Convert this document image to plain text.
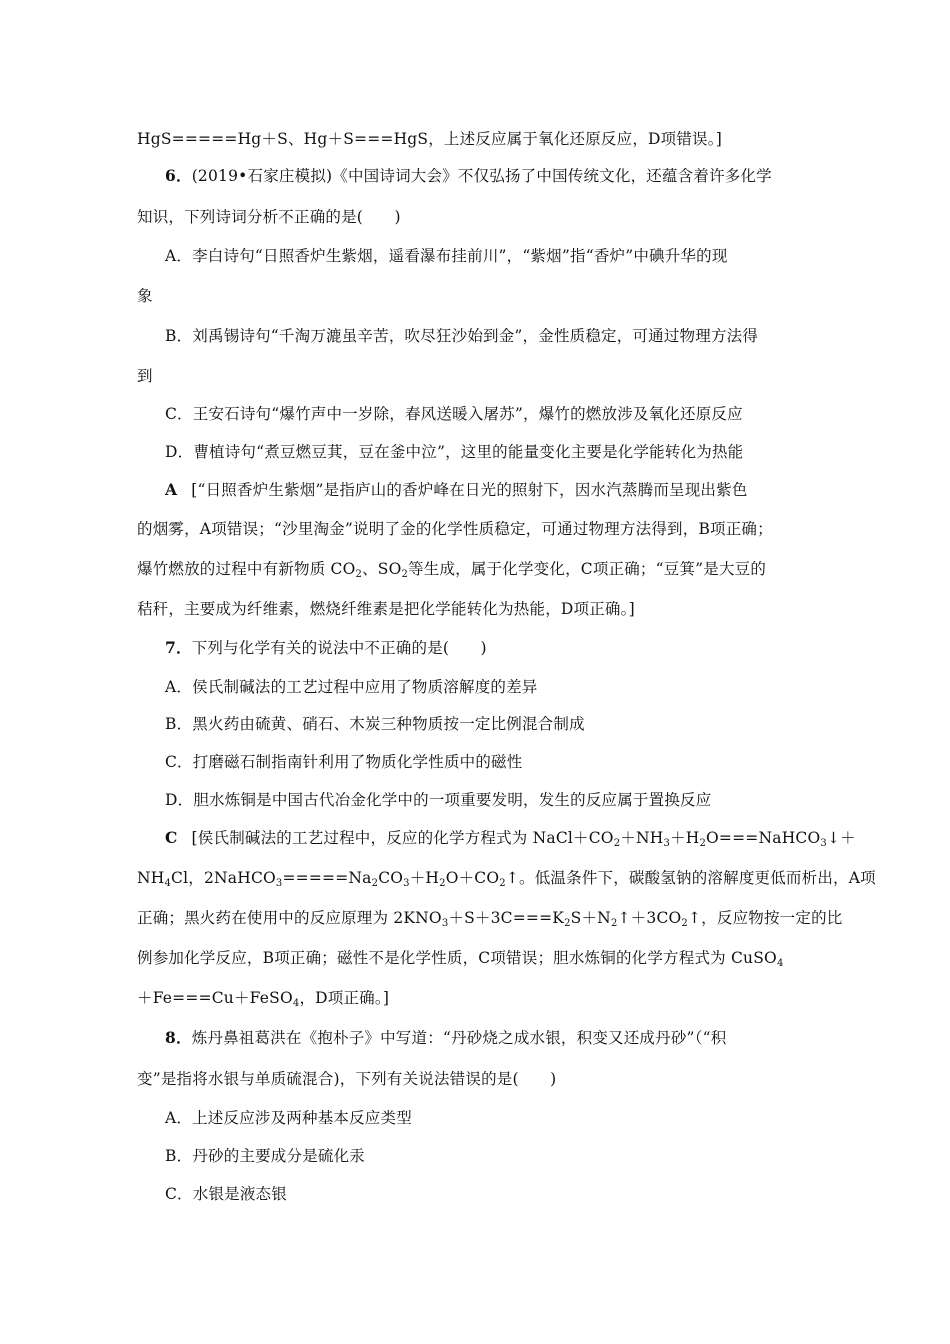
HgS=====Hg＋S、Hg＋S===HgS，上述反应属于氧化还原反应，D项错误。]
6．(2019•石家庄模拟)《中国诗词大会》不仅弘扬了中国传统文化，还蕴含着许多化学
知识，下列诗词分析不正确的是(　　)
A．李白诗句“日照香炉生紫烟，遥看瀑布挂前川”，“紫烟”指“香炉”中碘升华的现
象
B．刘禹锡诗句“千淘万漉虽辛苦，吹尽狂沙始到金”，金性质稳定，可通过物理方法得
到
C．王安石诗句“爆竹声中一岁除，春风送暖入屠苏”，爆竹的燃放涉及氧化还原反应
D．曹植诗句“煮豆燃豆萁，豆在釜中泣”，这里的能量变化主要是化学能转化为热能
A [“日照香炉生紫烟”是指庐山的香炉峰在日光的照射下，因水汽蒸腾而呈现出紫色
的烟雾，A项错误；“沙里淘金”说明了金的化学性质稳定，可通过物理方法得到，B项正确；
爆竹燃放的过程中有新物质 $CO_2$、$SO_2$等生成，属于化学变化，C项正确；“豆箕”是大豆的
秸秆，主要成为纤维素，燃烧纤维素是把化学能转化为热能，D项正确。]
7．下列与化学有关的说法中不正确的是(　　)
A．侯氏制碱法的工艺过程中应用了物质溶解度的差异
B．黑火药由硫黄、硝石、木炭三种物质按一定比例混合制成
C．打磨磁石制指南针利用了物质化学性质中的磁性
D．胆水炼铜是中国古代冶金化学中的一项重要发明，发生的反应属于置换反应
C [侯氏制碱法的工艺过程中，反应的化学方程式为 $NaCl+CO_2+NH_3+H_2O===NaHCO_3↓+$
$NH_4Cl$，$2NaHCO_3=====Na_2CO_3+H_2O+CO_2↑$。低温条件下，碳酸氢钠的溶解度更低而析出，A项
正确；黑火药在使用中的反应原理为 $2KNO_3+S+3C===K_2S+N_2↑+3CO_2↑$，反应物按一定的比
例参加化学反应，B项正确；磁性不是化学性质，C项错误；胆水炼铜的化学方程式为 CuSO$_4$
＋Fe===Cu＋FeSO$_4$，D项正确。]
8．炼丹鼻祖葛洪在《抱朴子》中写道：“丹砂烧之成水银，积变又还成丹砂”（“积
变”是指将水银与单质硫混合)，下列有关说法错误的是(　　)
A．上述反应涉及两种基本反应类型
B．丹砂的主要成分是硫化汞
C．水银是液态银
